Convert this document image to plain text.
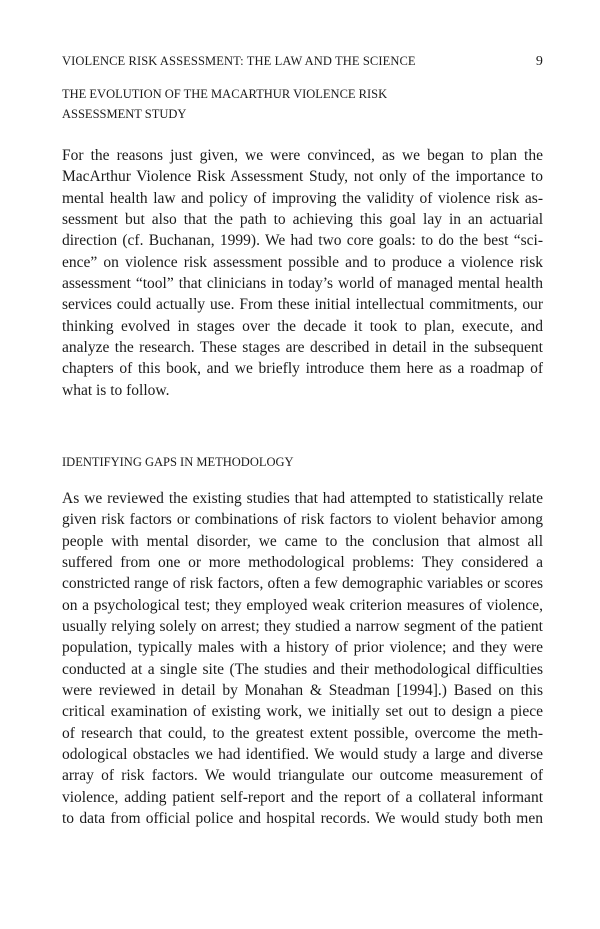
VIOLENCE RISK ASSESSMENT: THE LAW AND THE SCIENCE	9
THE EVOLUTION OF THE MACARTHUR VIOLENCE RISK
ASSESSMENT STUDY

For the reasons just given, we were convinced, as we began to plan the
MacArthur Violence Risk Assessment Study, not only of the importance to
mental health law and policy of improving the validity of violence risk as-
sessment but also that the path to achieving this goal lay in an actuarial
direction (cf. Buchanan, 1999). We had two core goals: to do the best “sci-
ence” on violence risk assessment possible and to produce a violence risk
assessment “tool” that clinicians in today’s world of managed mental health
services could actually use. From these initial intellectual commitments, our
thinking evolved in stages over the decade it took to plan, execute, and
analyze the research. These stages are described in detail in the subsequent
chapters of this book, and we briefly introduce them here as a roadmap of
what is to follow.

IDENTIFYING GAPS IN METHODOLOGY

As we reviewed the existing studies that had attempted to statistically relate
given risk factors or combinations of risk factors to violent behavior among
people with mental disorder, we came to the conclusion that almost all
suffered from one or more methodological problems: They considered a
constricted range of risk factors, often a few demographic variables or scores
on a psychological test; they employed weak criterion measures of violence,
usually relying solely on arrest; they studied a narrow segment of the patient
population, typically males with a history of prior violence; and they were
conducted at a single site (The studies and their methodological difficulties
were reviewed in detail by Monahan & Steadman [1994].) Based on this
critical examination of existing work, we initially set out to design a piece
of research that could, to the greatest extent possible, overcome the meth-
odological obstacles we had identified. We would study a large and diverse
array of risk factors. We would triangulate our outcome measurement of
violence, adding patient self-report and the report of a collateral informant
to data from official police and hospital records. We would study both men
